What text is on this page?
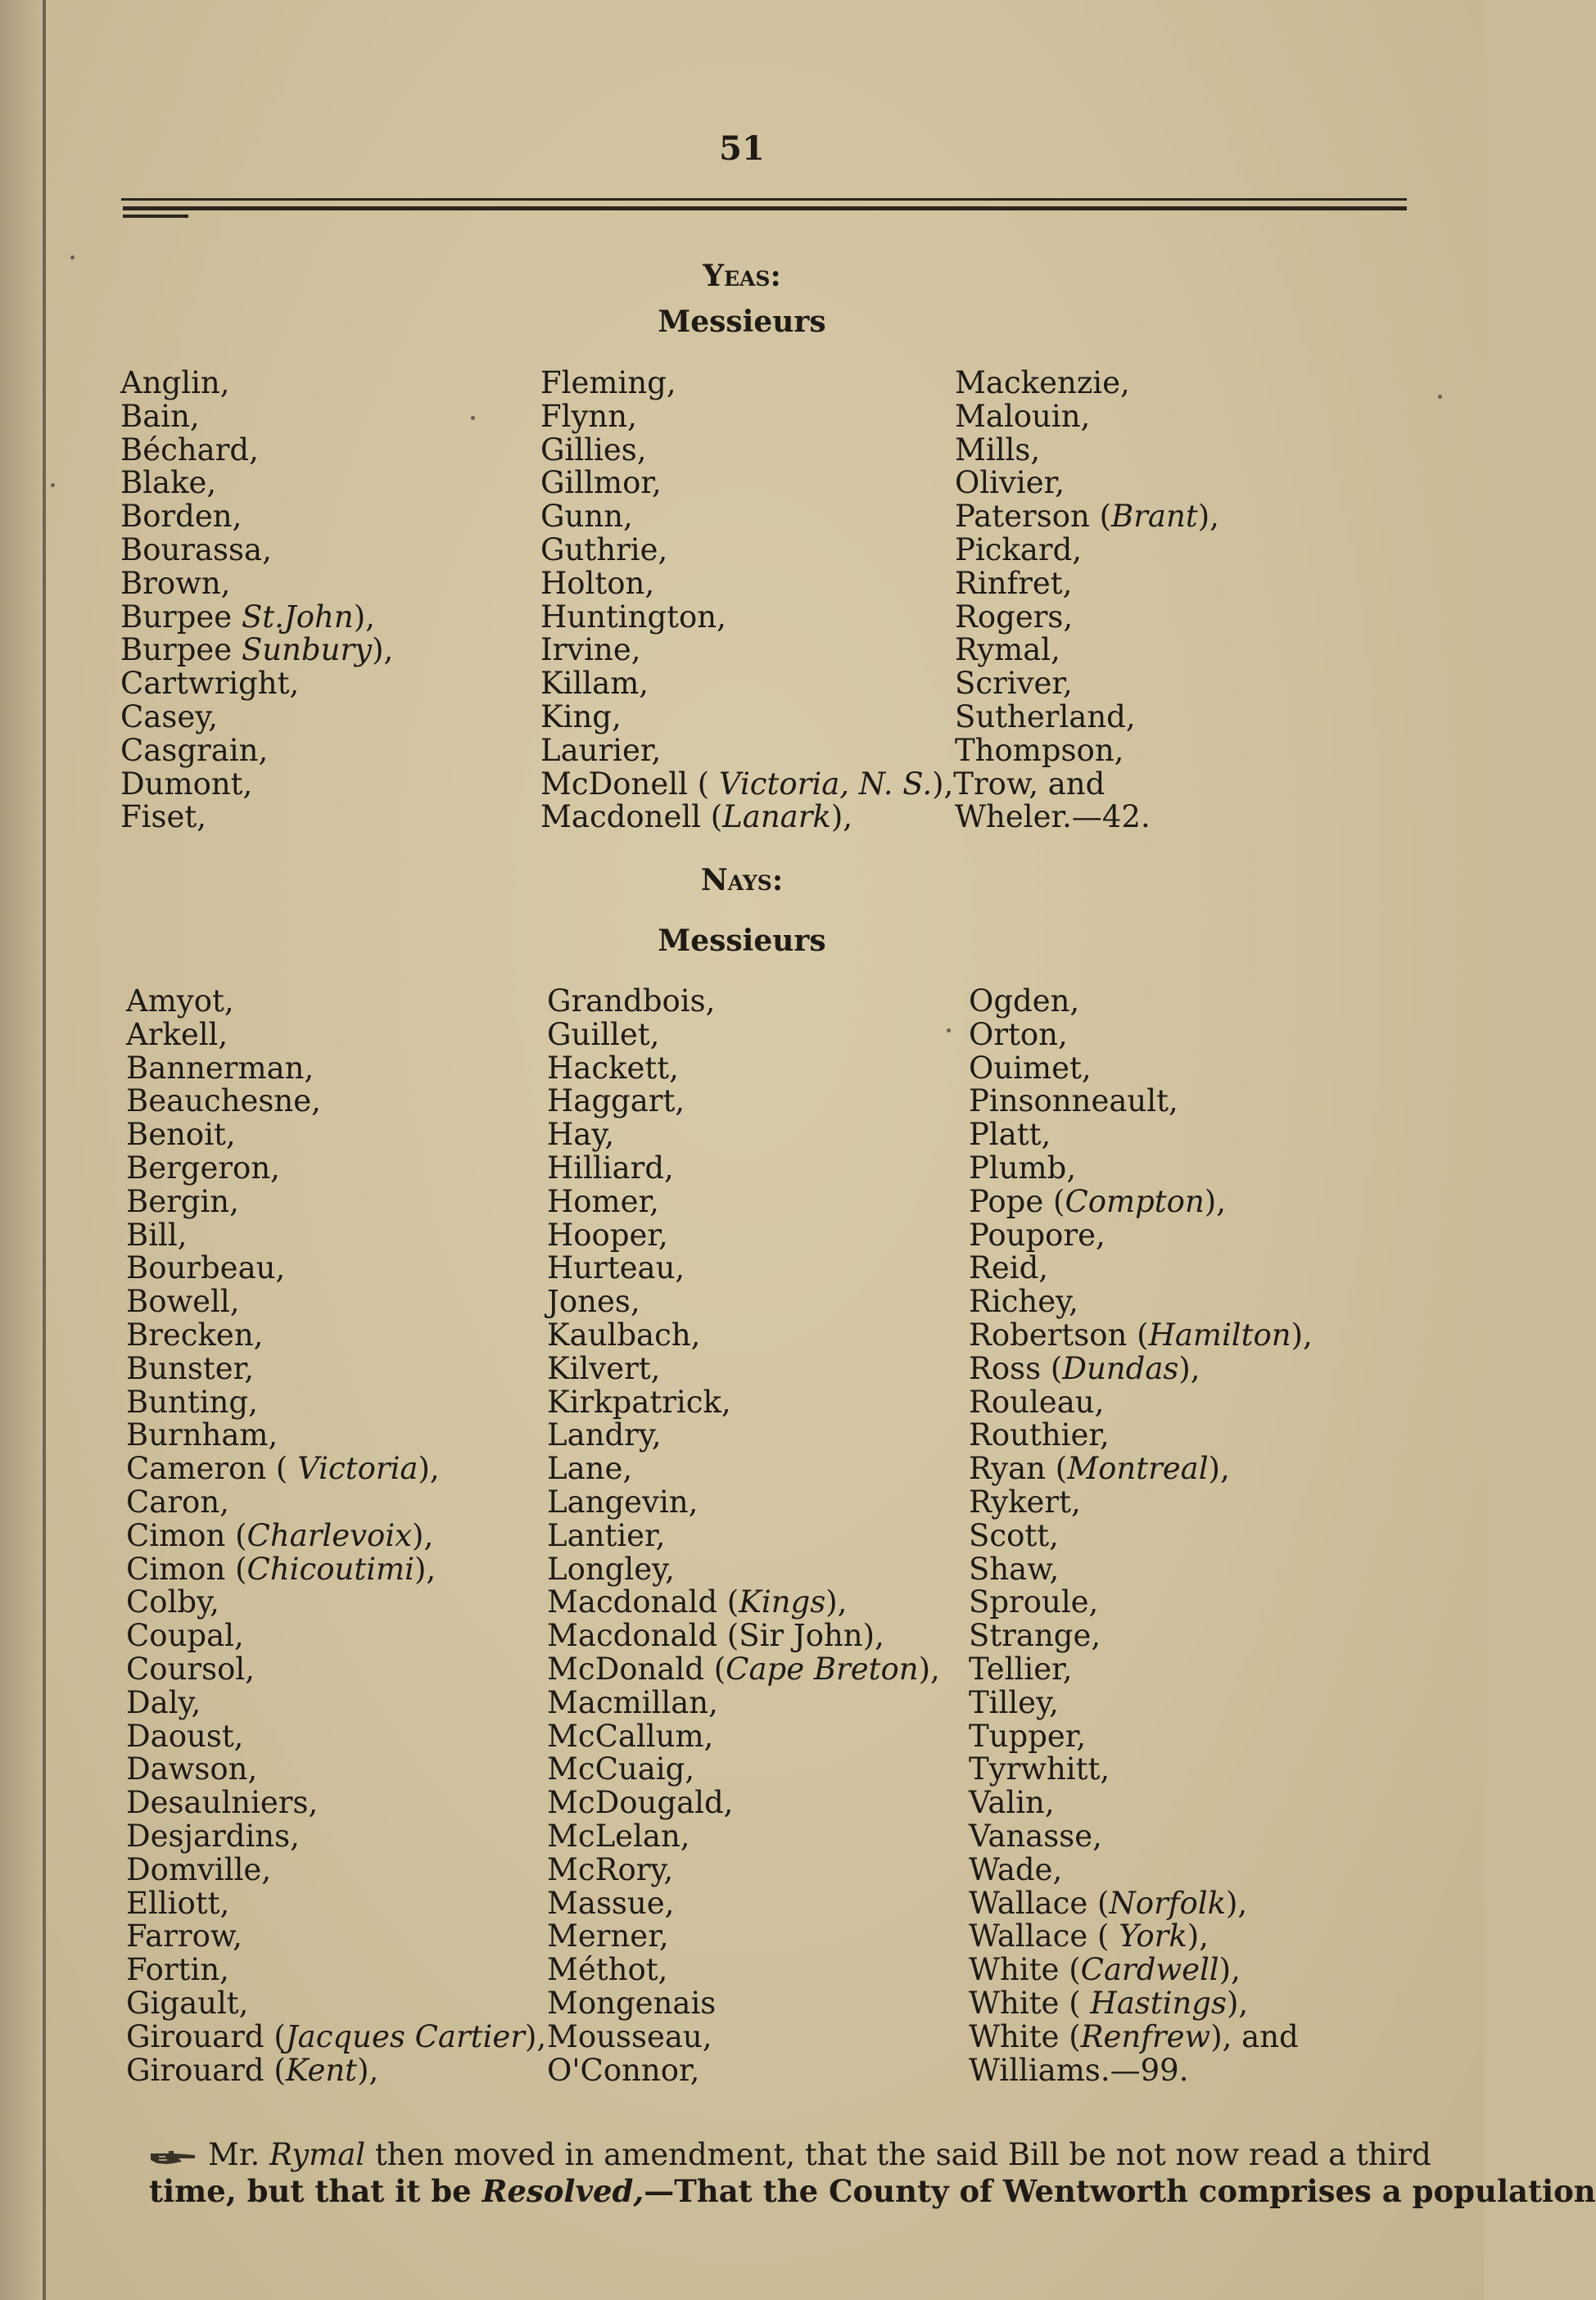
51
Yeas:
Messieurs
Anglin,
Bain,
Béchard,
Blake,
Borden,
Bourassa,
Brown,
Burpee St.John),
Burpee Sunbury),
Cartwright,
Casey,
Casgrain,
Dumont,
Fiset,
Fleming,
Flynn,
Gillies,
Gillmor,
Gunn,
Guthrie,
Holton,
Huntington,
Irvine,
Killam,
King,
Laurier,
McDonell ( Victoria, N. S.),Trow, and
Macdonell (Lanark),
Mackenzie,
Malouin,
Mills,
Olivier,
Paterson (Brant),
Pickard,
Rinfret,
Rogers,
Rymal,
Scriver,
Sutherland,
Thompson,

Wheler.—42.
Nays:
Messieurs
Amyot,
Arkell,
Bannerman,
Beauchesne,
Benoit,
Bergeron,
Bergin,
Bill,
Bourbeau,
Bowell,
Brecken,
Bunster,
Bunting,
Burnham,
Cameron ( Victoria),
Caron,
Cimon (Charlevoix),
Cimon (Chicoutimi),
Colby,
Coupal,
Coursol,
Daly,
Daoust,
Dawson,
Desaulniers,
Desjardins,
Domville,
Elliott,
Farrow,
Fortin,
Gigault,
Girouard (Jacques Cartier),
Girouard (Kent),
Grandbois,
Guillet,
Hackett,
Haggart,
Hay,
Hilliard,
Homer,
Hooper,
Hurteau,
Jones,
Kaulbach,
Kilvert,
Kirkpatrick,
Landry,
Lane,
Langevin,
Lantier,
Longley,
Macdonald (Kings),
Macdonald (Sir John),
McDonald (Cape Breton),
Macmillan,
McCallum,
McCuaig,
McDougald,
McLelan,
McRory,
Massue,
Merner,
Méthot,
Mongenais
Mousseau,
O'Connor,
Ogden,
Orton,
Ouimet,
Pinsonneault,
Platt,
Plumb,
Pope (Compton),
Poupore,
Reid,
Richey,
Robertson (Hamilton),
Ross (Dundas),
Rouleau,
Routhier,
Ryan (Montreal),
Rykert,
Scott,
Shaw,
Sproule,
Strange,
Tellier,
Tilley,
Tupper,
Tyrwhitt,
Valin,
Vanasse,
Wade,
Wallace (Norfolk),
Wallace ( York),
White (Cardwell),
White ( Hastings),
White (Renfrew), and
Williams.—99.
Mr. Rymal then moved in amendment, that the said Bill be not now read a third
time, but that it be Resolved,—That the County of Wentworth comprises a population
